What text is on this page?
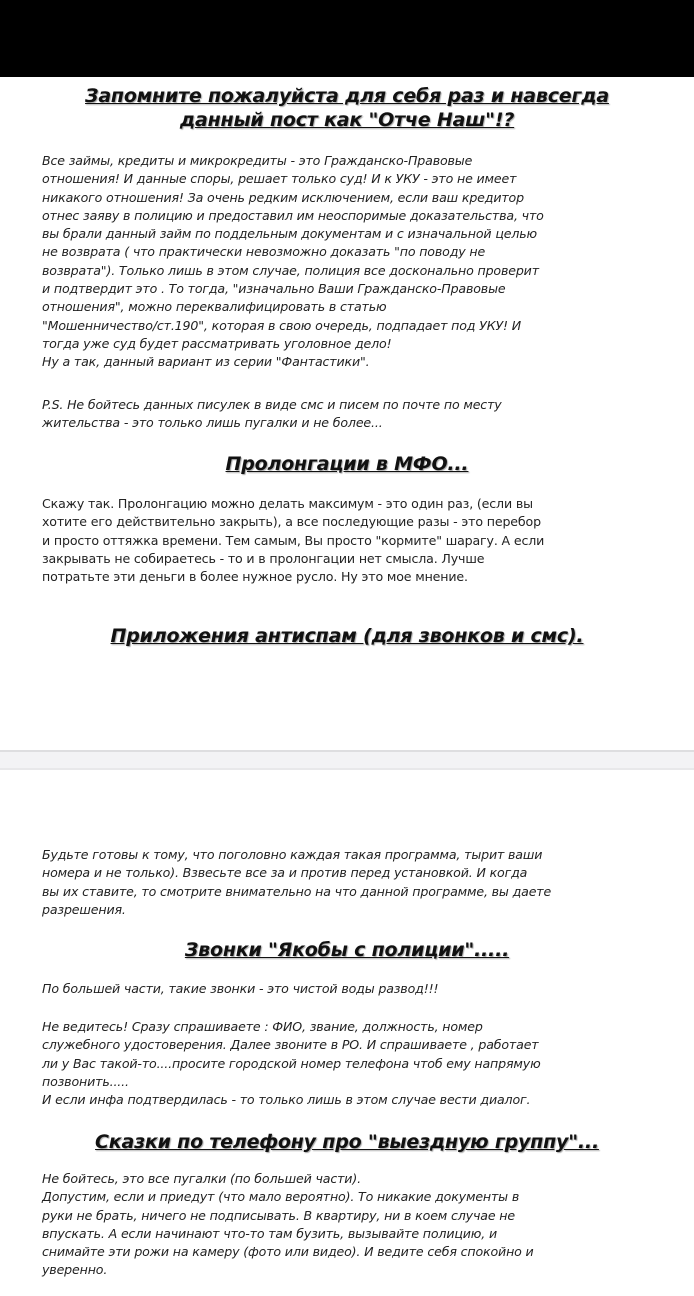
Запомните пожалуйста для себя раз и навсегда
данный пост как "Отче Наш"!?
Все займы, кредиты и микрокредиты - это Гражданско-Правовые
отношения! И данные споры, решает только суд! И к УКУ - это не имеет
никакого отношения! За очень редким исключением, если ваш кредитор
отнес заяву в полицию и предоставил им неоспоримые доказательства, что
вы брали данный займ по поддельным документам и с изначальной целью
не возврата ( что практически невозможно доказать "по поводу не
возврата"). Только лишь в этом случае, полиция все досконально проверит
и подтвердит это . То тогда, "изначально Ваши Гражданско-Правовые
отношения", можно переквалифицировать в статью
"Мошенничество/ст.190", которая в свою очередь, подпадает под УКУ! И
тогда уже суд будет рассматривать уголовное дело!
Ну а так, данный вариант из серии "Фантастики".
P.S. Не бойтесь данных писулек в виде смс и писем по почте по месту
жительства - это только лишь пугалки и не более...
Пролонгации в МФО...
Скажу так. Пролонгацию можно делать максимум - это один раз, (если вы
хотите его действительно закрыть), а все последующие разы - это перебор
и просто оттяжка времени. Тем самым, Вы просто "кормите" шарагу. А если
закрывать не собираетесь - то и в пролонгации нет смысла. Лучше
потратьте эти деньги в более нужное русло. Ну это мое мнение.
Приложения антиспам (для звонков и смс).
Будьте готовы к тому, что поголовно каждая такая программа, тырит ваши
номера и не только). Взвесьте все за и против перед установкой. И когда
вы их ставите, то смотрите внимательно на что данной программе, вы даете
разрешения.
Звонки "Якобы с полиции".....
По большей части, такие звонки - это чистой воды развод!!!
Не ведитесь! Сразу спрашиваете : ФИО, звание, должность, номер
служебного удостоверения. Далее звоните в РО. И спрашиваете , работает
ли у Вас такой-то....просите городской номер телефона чтоб ему напрямую
позвонить.....
И если инфа подтвердилась - то только лишь в этом случае вести диалог.
Сказки по телефону про "выездную группу"...
Не бойтесь, это все пугалки (по большей части).
Допустим, если и приедут (что мало вероятно). То никакие документы в
руки не брать, ничего не подписывать. В квартиру, ни в коем случае не
впускать. А если начинают что-то там бузить, вызывайте полицию, и
снимайте эти рожи на камеру (фото или видео). И ведите себя спокойно и
уверенно.
